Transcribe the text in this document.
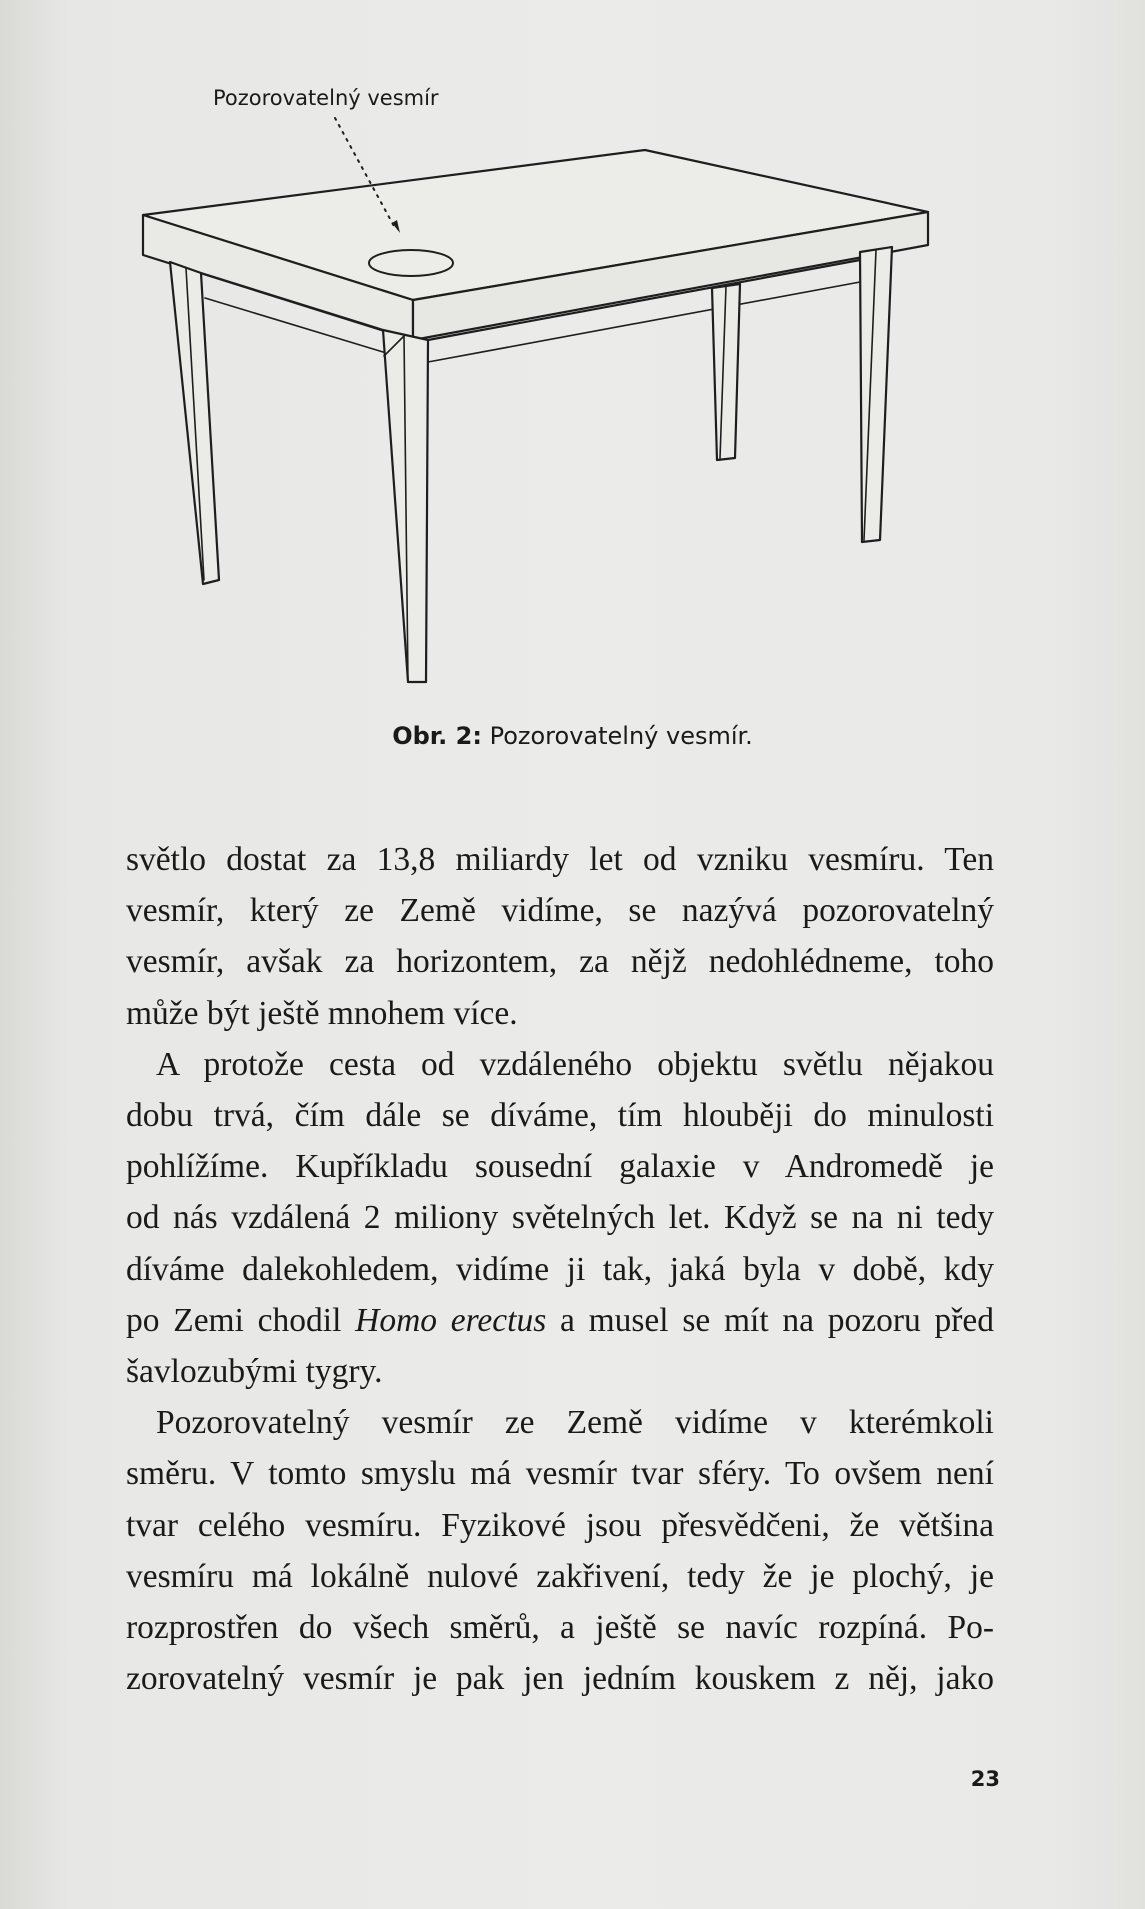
Pozorovatelný vesmír
Obr. 2: Pozorovatelný vesmír.

světlo dostat za 13,8 miliardy let od vzniku vesmíru. Ten
vesmír, který ze Země vidíme, se nazývá pozorovatelný
vesmír, avšak za horizontem, za nějž nedohlédneme, toho
může být ještě mnohem více.

A protože cesta od vzdáleného objektu světlu nějakou
dobu trvá, čím dále se díváme, tím hlouběji do minulosti
pohlížíme. Kupříkladu sousední galaxie v Andromedě je
od nás vzdálená 2 miliony světelných let. Když se na ni tedy
díváme dalekohledem, vidíme ji tak, jaká byla v době, kdy
po Zemi chodil Homo erectus a musel se mít na pozoru před
šavlozubými tygry.

Pozorovatelný vesmír ze Země vidíme v kterémkoli
směru. V tomto smyslu má vesmír tvar sféry. To ovšem není
tvar celého vesmíru. Fyzikové jsou přesvědčeni, že většina
vesmíru má lokálně nulové zakřivení, tedy že je plochý, je
rozprostřen do všech směrů, a ještě se navíc rozpíná. Po-
zorovatelný vesmír je pak jen jedním kouskem z něj, jako

23
